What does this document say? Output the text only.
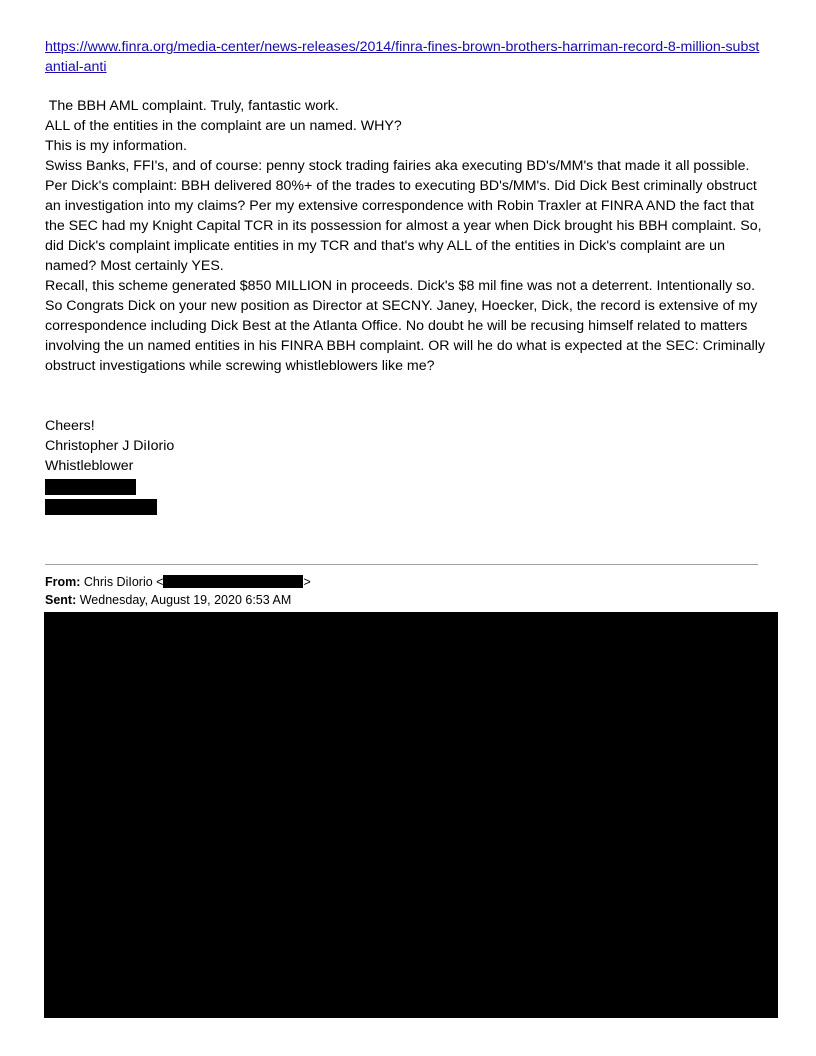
https://www.finra.org/media-center/news-releases/2014/finra-fines-brown-brothers-harriman-record-8-million-substantial-anti

The BBH AML complaint. Truly, fantastic work.

ALL of the entities in the complaint are un named. WHY?

This is my information.

Swiss Banks, FFI's, and of course: penny stock trading fairies aka executing BD's/MM's that made it all possible. Per Dick's complaint: BBH delivered 80%+ of the trades to executing BD's/MM's. Did Dick Best criminally obstruct an investigation into my claims? Per my extensive correspondence with Robin Traxler at FINRA AND the fact that the SEC had my Knight Capital TCR in its possession for almost a year when Dick brought his BBH complaint. So, did Dick's complaint implicate entities in my TCR and that's why ALL of the entities in Dick's complaint are un named? Most certainly YES.

Recall, this scheme generated $850 MILLION in proceeds. Dick's $8 mil fine was not a deterrent. Intentionally so.

So Congrats Dick on your new position as Director at SECNY. Janey, Hoecker, Dick, the record is extensive of my correspondence including Dick Best at the Atlanta Office. No doubt he will be recusing himself related to matters involving the un named entities in his FINRA BBH complaint. OR will he do what is expected at the SEC: Criminally obstruct investigations while screwing whistleblowers like me?

Cheers!

Christopher J DiIorio

Whistleblower

From: Chris DiIorio <	>
Sent: Wednesday, August 19, 2020 6:53 AM
